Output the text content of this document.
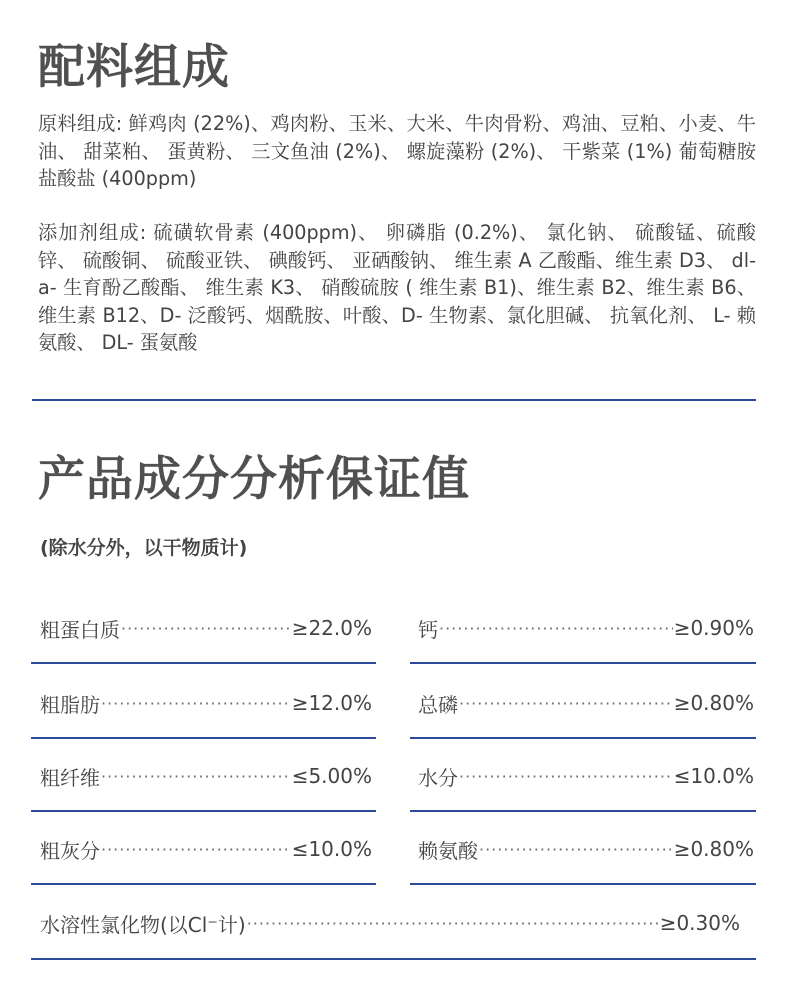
配料组成

原料组成: 鲜鸡肉 (22%)、鸡肉粉、玉米、大米、牛肉骨粉、鸡油、豆粕、小麦、牛油、 甜菜粕、 蛋黄粉、 三文鱼油 (2%)、 螺旋藻粉 (2%)、 干紫菜 (1%) 葡萄糖胺盐酸盐 (400ppm)

添加剂组成: 硫磺软骨素 (400ppm)、 卵磷脂 (0.2%)、 氯化钠、 硫酸锰、硫酸锌、 硫酸铜、 硫酸亚铁、 碘酸钙、 亚硒酸钠、 维生素 A 乙酸酯、维生素 D3、 dl-a- 生育酚乙酸酯、 维生素 K3、 硝酸硫胺 ( 维生素 B1)、维生素 B2、维生素 B6、维生素 B12、D- 泛酸钙、烟酰胺、叶酸、D- 生物素、氯化胆碱、 抗氧化剂、 L- 赖氨酸、 DL- 蛋氨酸

产品成分分析保证值
(除水分外，以干物质计)
粗蛋白质 ·····	≥22.0% 钙 ·····	≥0.90%
粗脂肪 ·····	≥12.0% 总磷 ·····	≥0.80%
粗纤维 ·····	≤5.00% 水分 ·····	≤10.0%
粗灰分 ·····	≤10.0% 赖氨酸 ·····	≥0.80%
水溶性氯化物(以Cl⁻计) ·····	≥0.30%
